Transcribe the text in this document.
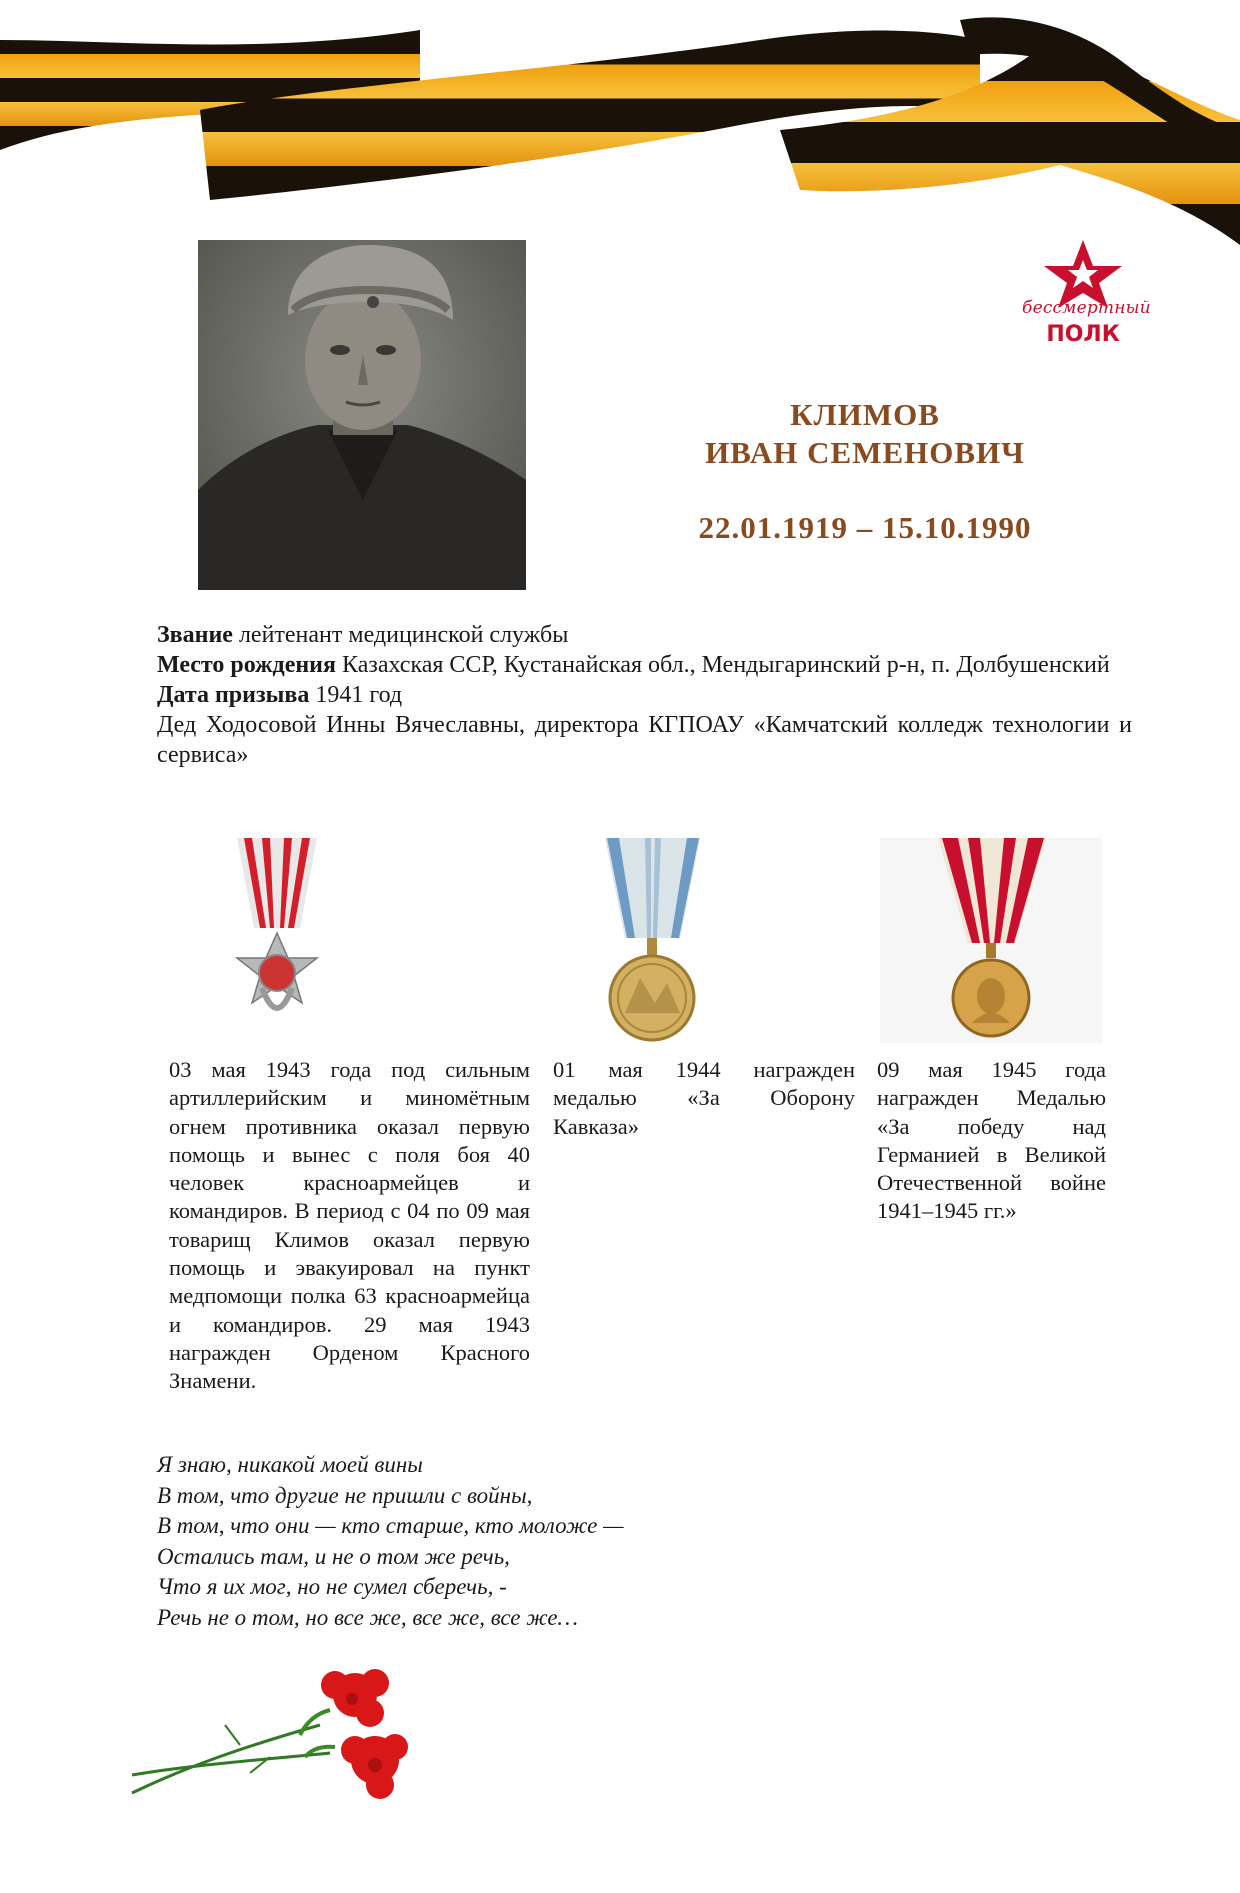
бессмертный
ПОЛК
КЛИМОВ
ИВАН СЕМЕНОВИЧ
22.01.1919 – 15.10.1990

Звание лейтенант медицинской службы

Место рождения Казахская ССР, Кустанайская обл., Мендыгаринский р-н, п. Долбушенский

Дата призыва 1941 год

Дед Ходосовой Инны Вячеславны, директора КГПОАУ «Камчатский колледж технологии и сервиса»

03 мая 1943 года под сильным артиллерийским и миномётным огнем противника оказал первую помощь и вынес с поля боя 40 человек красноармейцев и командиров. В период с 04 по 09 мая товарищ Климов оказал первую помощь и эвакуировал на пункт медпомощи полка 63 красноармейца и командиров. 29 мая 1943 награжден Орденом Красного Знамени.
01 мая 1944 награжден медалью «За Оборону Кавказа»
09 мая 1945 года награжден Медалью «За победу над Германией в Великой Отечественной войне 1941–1945 гг.»
Я знаю, никакой моей вины
В том, что другие не пришли с войны,
В том, что они — кто старше, кто моложе —
Остались там, и не о том же речь,
Что я их мог, но не сумел сберечь, -
Речь не о том, но все же, все же, все же…
